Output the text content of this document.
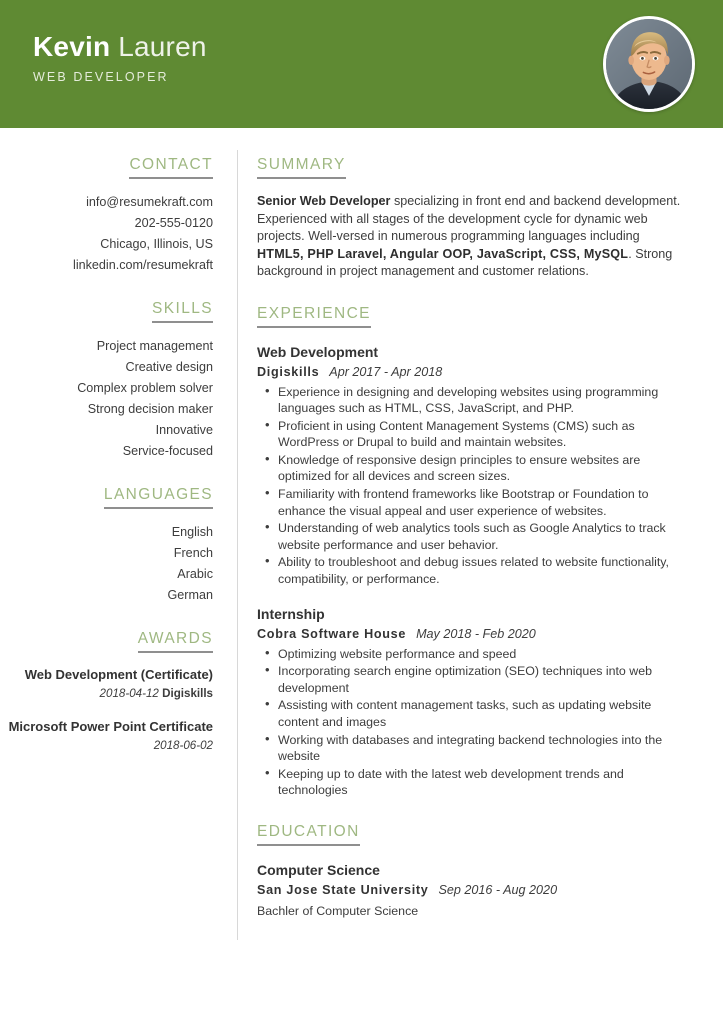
Kevin Lauren
WEB DEVELOPER
CONTACT
info@resumekraft.com
202-555-0120
Chicago, Illinois, US
linkedin.com/resumekraft
SKILLS
Project management
Creative design
Complex problem solver
Strong decision maker
Innovative
Service-focused
LANGUAGES
English
French
Arabic
German
AWARDS
Web Development (Certificate)
2018-04-12 Digiskills
Microsoft Power Point Certificate
2018-06-02
SUMMARY
Senior Web Developer specializing in front end and backend development. Experienced with all stages of the development cycle for dynamic web projects. Well-versed in numerous programming languages including HTML5, PHP Laravel, Angular OOP, JavaScript, CSS, MySQL. Strong background in project management and customer relations.
EXPERIENCE
Web Development
Digiskills Apr 2017 - Apr 2018
• Experience in designing and developing websites using programming languages such as HTML, CSS, JavaScript, and PHP.
• Proficient in using Content Management Systems (CMS) such as WordPress or Drupal to build and maintain websites.
• Knowledge of responsive design principles to ensure websites are optimized for all devices and screen sizes.
• Familiarity with frontend frameworks like Bootstrap or Foundation to enhance the visual appeal and user experience of websites.
• Understanding of web analytics tools such as Google Analytics to track website performance and user behavior.
• Ability to troubleshoot and debug issues related to website functionality, compatibility, or performance.
Internship
Cobra Software House May 2018 - Feb 2020
• Optimizing website performance and speed
• Incorporating search engine optimization (SEO) techniques into web development
• Assisting with content management tasks, such as updating website content and images
• Working with databases and integrating backend technologies into the website
• Keeping up to date with the latest web development trends and technologies
EDUCATION
Computer Science
San Jose State University Sep 2016 - Aug 2020
Bachler of Computer Science
